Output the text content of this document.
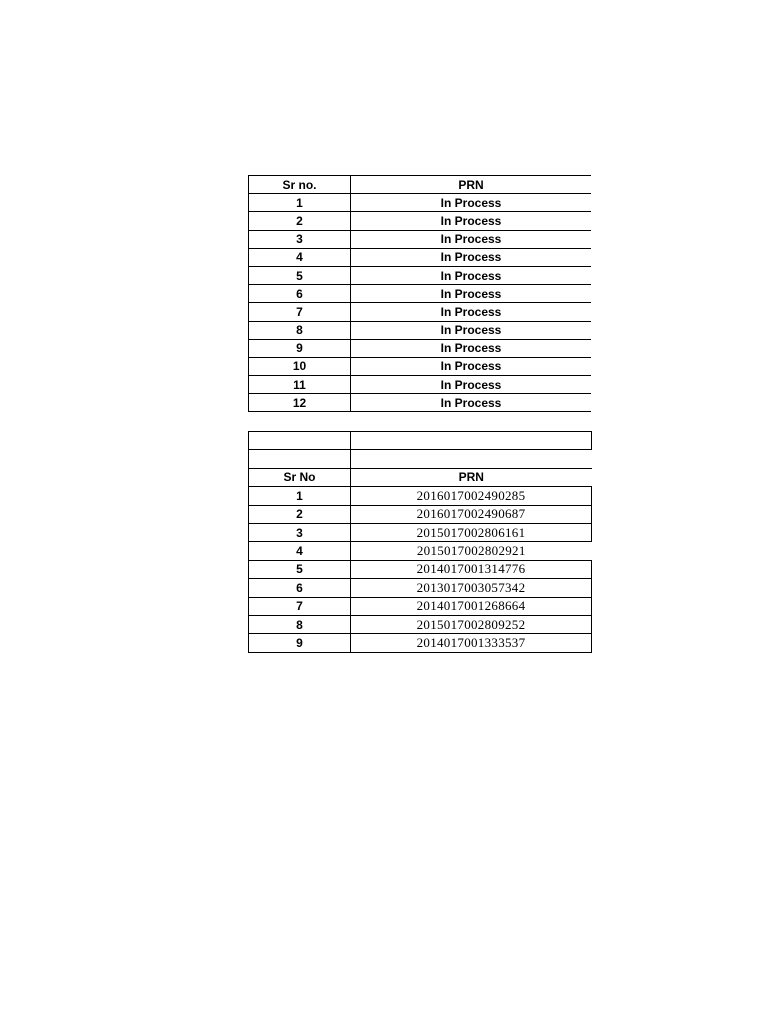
Sr no.	PRN
1	In Process
2	In Process
3	In Process
4	In Process
5	In Process
6	In Process
7	In Process
8	In Process
9	In Process
10	In Process
11	In Process
12	In Process

Sr No	PRN
1	2016017002490285
2	2016017002490687
3	2015017002806161
4	2015017002802921
5	2014017001314776
6	2013017003057342
7	2014017001268664
8	2015017002809252
9	2014017001333537
